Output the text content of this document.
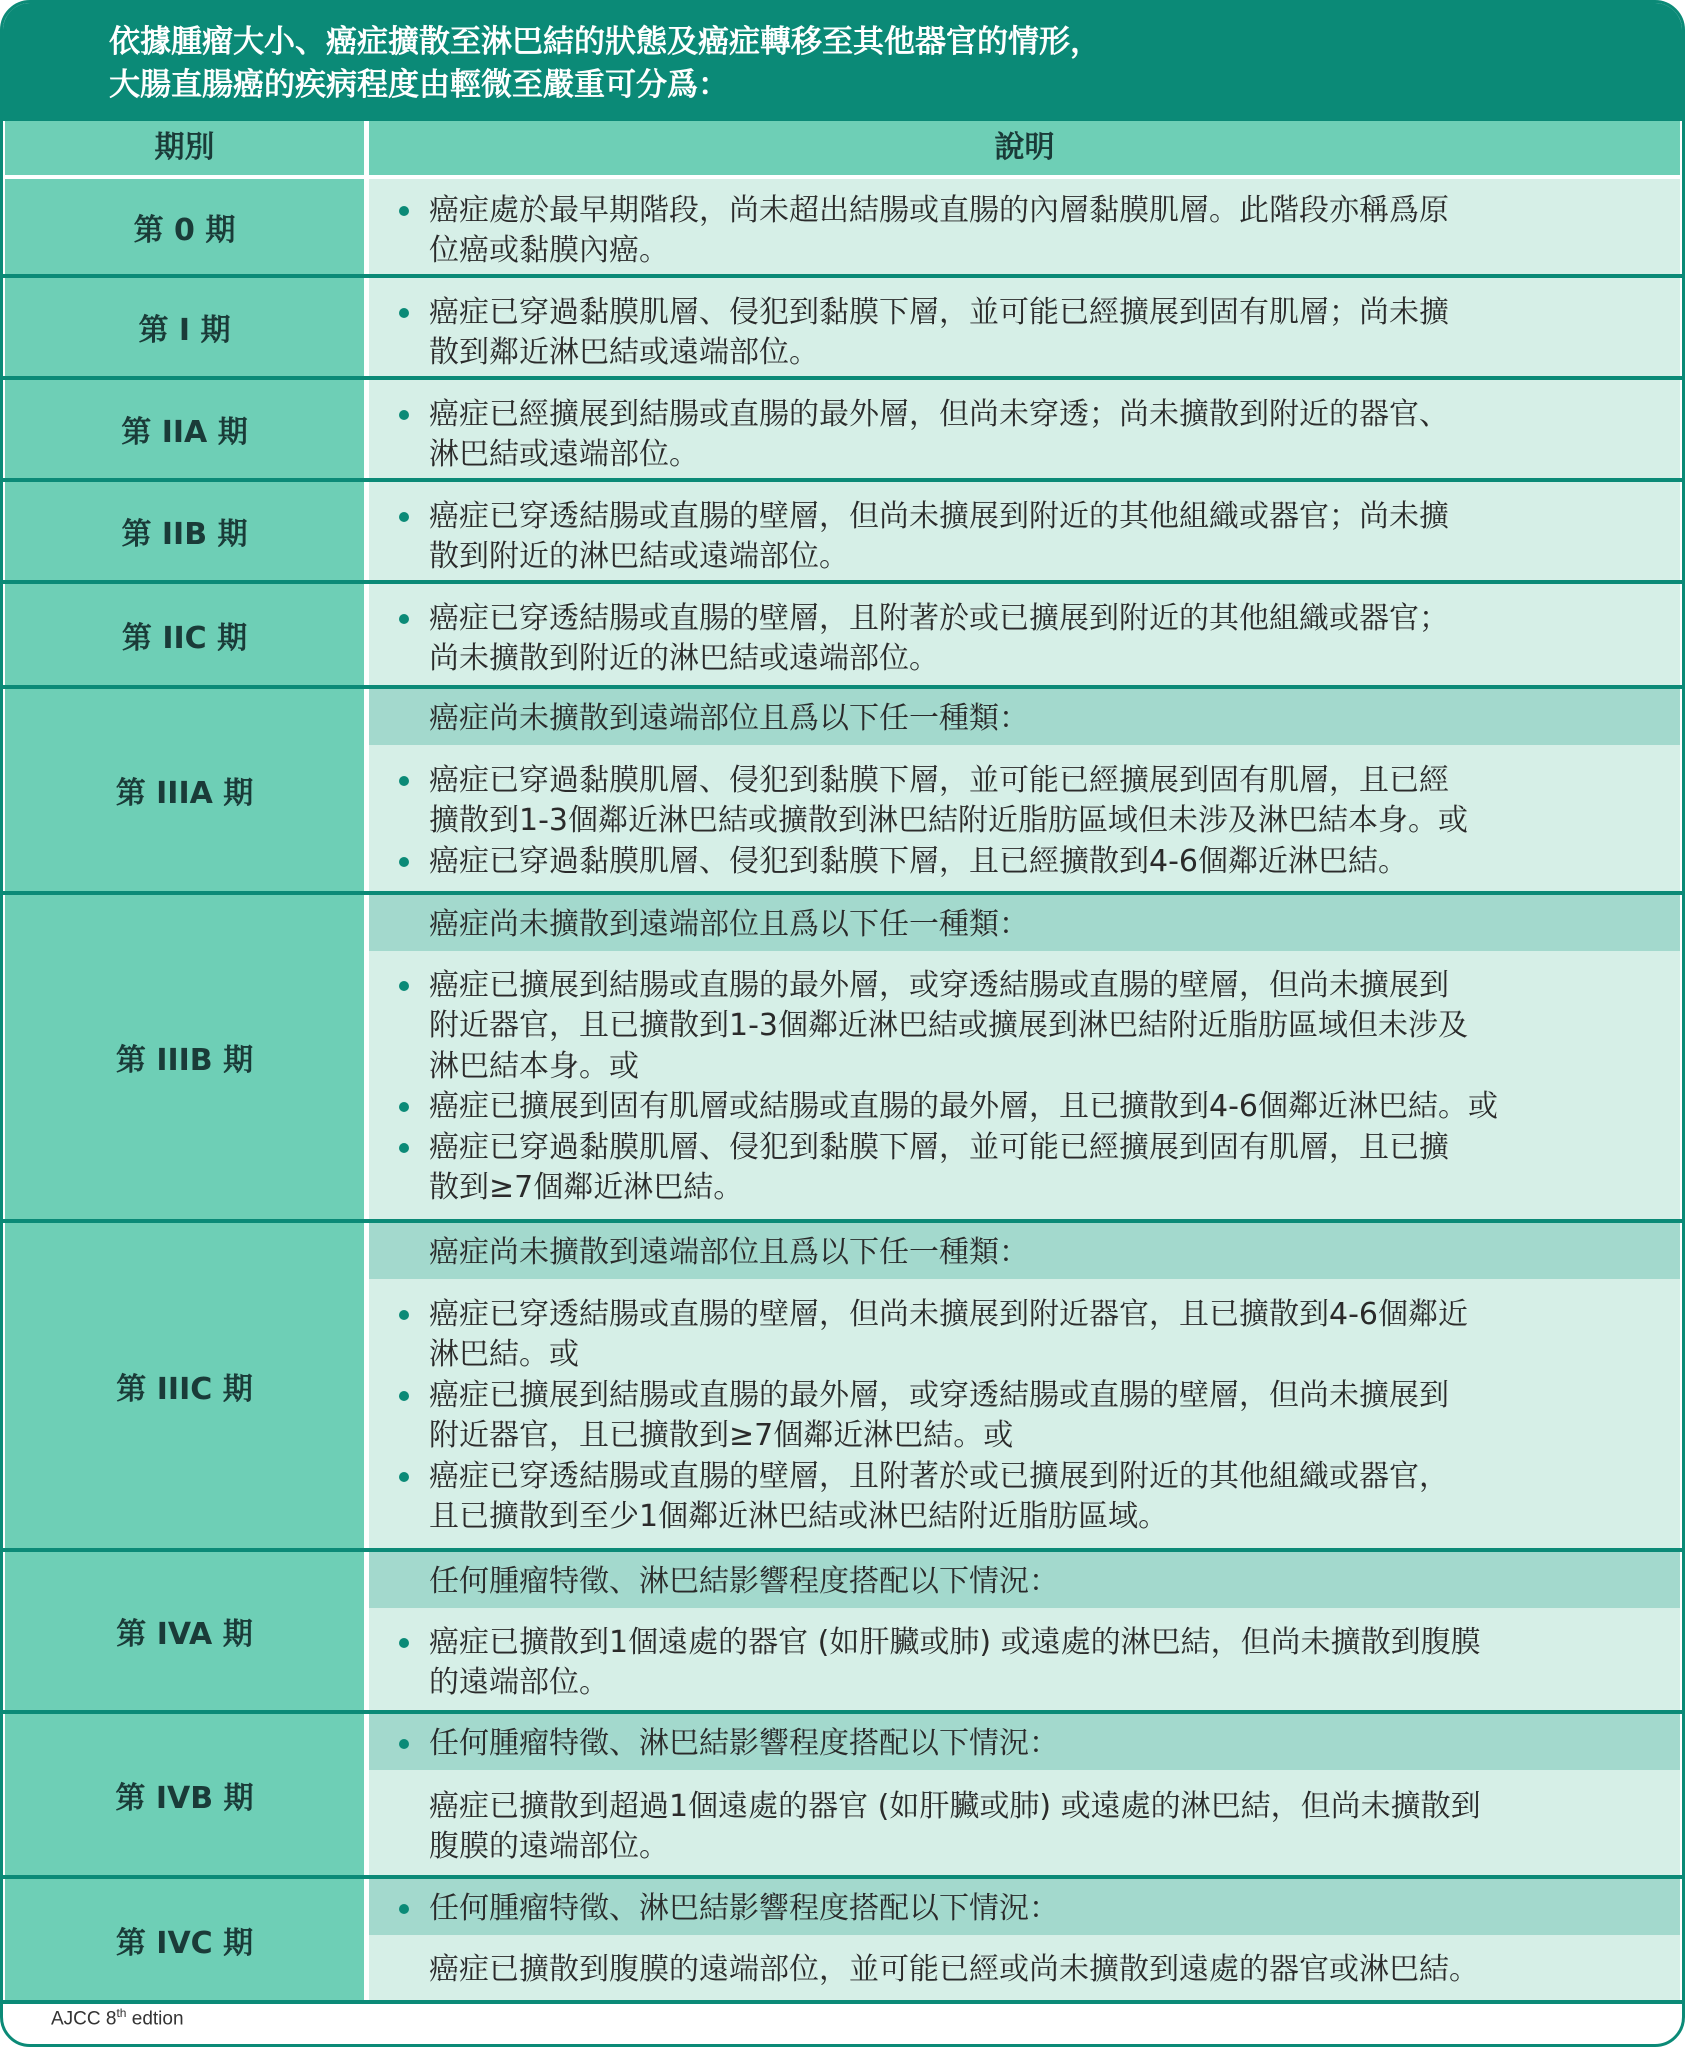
依據腫瘤大小、癌症擴散至淋巴結的狀態及癌症轉移至其他器官的情形，
大腸直腸癌的疾病程度由輕微至嚴重可分爲：
期別	說明
第 0 期
癌症處於最早期階段，尚未超出結腸或直腸的內層黏膜肌層。此階段亦稱爲原
位癌或黏膜內癌。
第 I 期
癌症已穿過黏膜肌層、侵犯到黏膜下層，並可能已經擴展到固有肌層；尚未擴
散到鄰近淋巴結或遠端部位。
第 IIA 期
癌症已經擴展到結腸或直腸的最外層，但尚未穿透；尚未擴散到附近的器官、
淋巴結或遠端部位。
第 IIB 期
癌症已穿透結腸或直腸的壁層，但尚未擴展到附近的其他組織或器官；尚未擴
散到附近的淋巴結或遠端部位。
第 IIC 期
癌症已穿透結腸或直腸的壁層，且附著於或已擴展到附近的其他組織或器官；
尚未擴散到附近的淋巴結或遠端部位。
第 IIIA 期
癌症尚未擴散到遠端部位且爲以下任一種類：
癌症已穿過黏膜肌層、侵犯到黏膜下層，並可能已經擴展到固有肌層，且已經
擴散到1-3個鄰近淋巴結或擴散到淋巴結附近脂肪區域但未涉及淋巴結本身。或
癌症已穿過黏膜肌層、侵犯到黏膜下層，且已經擴散到4-6個鄰近淋巴結。
第 IIIB 期
癌症尚未擴散到遠端部位且爲以下任一種類：
癌症已擴展到結腸或直腸的最外層，或穿透結腸或直腸的壁層，但尚未擴展到
附近器官，且已擴散到1-3個鄰近淋巴結或擴展到淋巴結附近脂肪區域但未涉及
淋巴結本身。或
癌症已擴展到固有肌層或結腸或直腸的最外層，且已擴散到4-6個鄰近淋巴結。或
癌症已穿過黏膜肌層、侵犯到黏膜下層，並可能已經擴展到固有肌層，且已擴
散到≥7個鄰近淋巴結。
第 IIIC 期
癌症尚未擴散到遠端部位且爲以下任一種類：
癌症已穿透結腸或直腸的壁層，但尚未擴展到附近器官，且已擴散到4-6個鄰近
淋巴結。或
癌症已擴展到結腸或直腸的最外層，或穿透結腸或直腸的壁層，但尚未擴展到
附近器官，且已擴散到≥7個鄰近淋巴結。或
癌症已穿透結腸或直腸的壁層，且附著於或已擴展到附近的其他組織或器官，
且已擴散到至少1個鄰近淋巴結或淋巴結附近脂肪區域。
第 IVA 期
任何腫瘤特徵、淋巴結影響程度搭配以下情況：
癌症已擴散到1個遠處的器官 (如肝臟或肺) 或遠處的淋巴結，但尚未擴散到腹膜
的遠端部位。
第 IVB 期
任何腫瘤特徵、淋巴結影響程度搭配以下情況：
癌症已擴散到超過1個遠處的器官 (如肝臟或肺) 或遠處的淋巴結，但尚未擴散到
腹膜的遠端部位。
第 IVC 期
任何腫瘤特徵、淋巴結影響程度搭配以下情況：
癌症已擴散到腹膜的遠端部位，並可能已經或尚未擴散到遠處的器官或淋巴結。
AJCC 8th edtion
